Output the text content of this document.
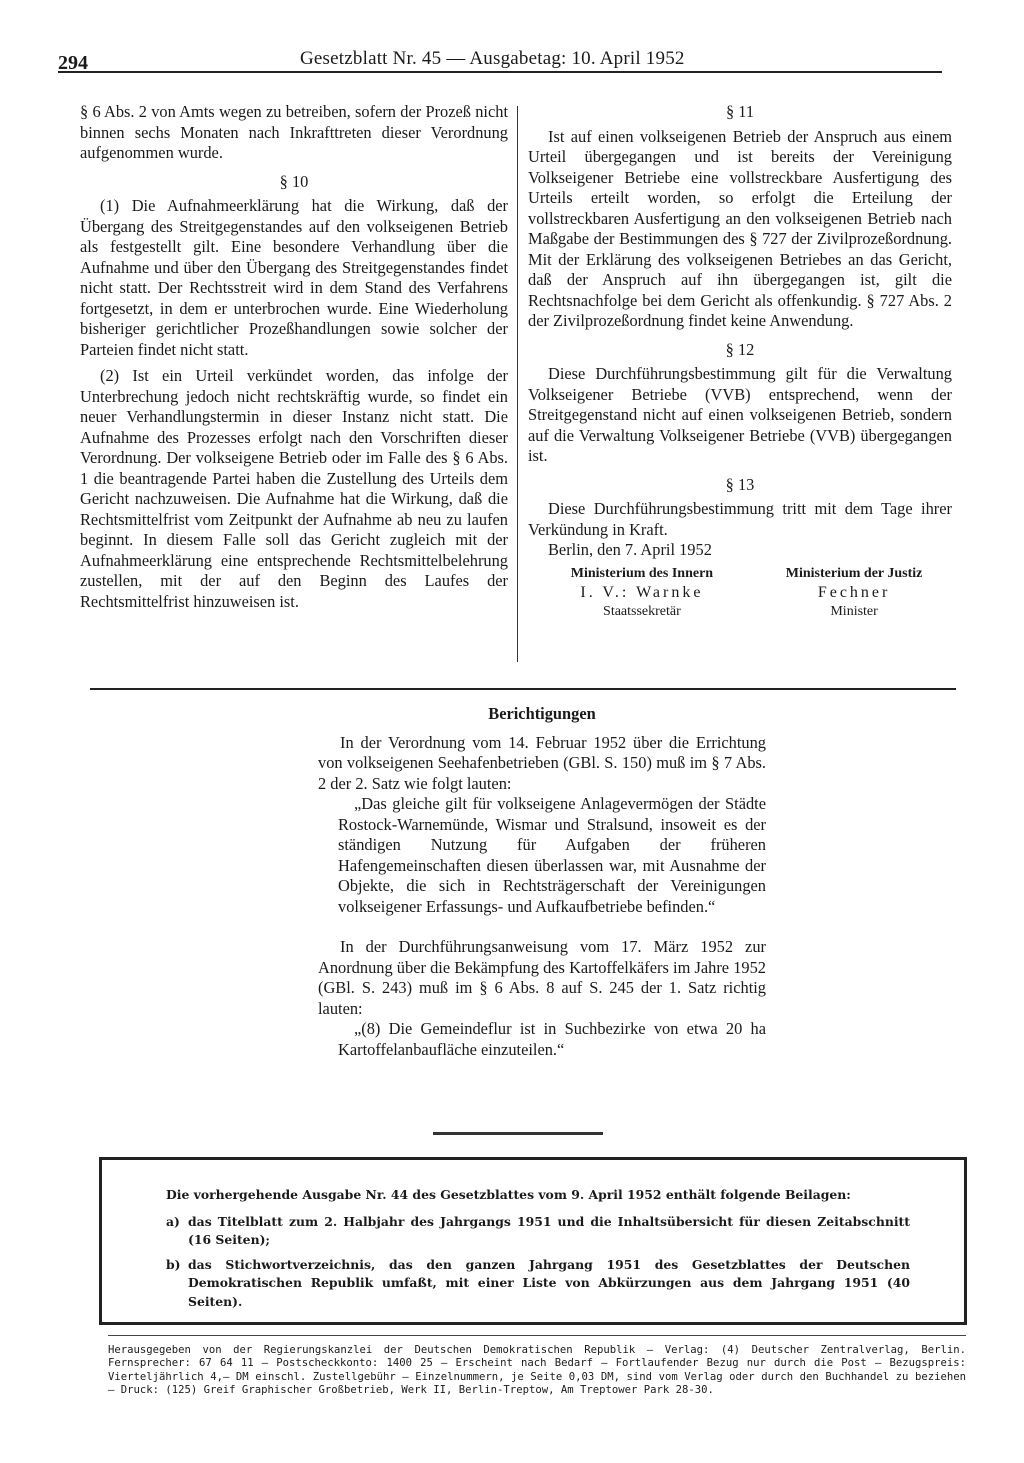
294	Gesetzblatt Nr. 45 — Ausgabetag: 10. April 1952

§ 6 Abs. 2 von Amts wegen zu betreiben, sofern der Prozeß nicht binnen sechs Monaten nach Inkrafttreten dieser Verordnung aufgenommen wurde.

§ 10

(1) Die Aufnahmeerklärung hat die Wirkung, daß der Übergang des Streitgegenstandes auf den volkseigenen Betrieb als festgestellt gilt. Eine besondere Verhandlung über die Aufnahme und über den Übergang des Streitgegenstandes findet nicht statt. Der Rechtsstreit wird in dem Stand des Verfahrens fortgesetzt, in dem er unterbrochen wurde. Eine Wiederholung bisheriger gerichtlicher Prozeßhandlungen sowie solcher der Parteien findet nicht statt.

(2) Ist ein Urteil verkündet worden, das infolge der Unterbrechung jedoch nicht rechtskräftig wurde, so findet ein neuer Verhandlungstermin in dieser Instanz nicht statt. Die Aufnahme des Prozesses erfolgt nach den Vorschriften dieser Verordnung. Der volkseigene Betrieb oder im Falle des § 6 Abs. 1 die beantragende Partei haben die Zustellung des Urteils dem Gericht nachzuweisen. Die Aufnahme hat die Wirkung, daß die Rechtsmittelfrist vom Zeitpunkt der Aufnahme ab neu zu laufen beginnt. In diesem Falle soll das Gericht zugleich mit der Aufnahmeerklärung eine entsprechende Rechtsmittelbelehrung zustellen, mit der auf den Beginn des Laufes der Rechtsmittelfrist hinzuweisen ist.

§ 11

Ist auf einen volkseigenen Betrieb der Anspruch aus einem Urteil übergegangen und ist bereits der Vereinigung Volkseigener Betriebe eine vollstreckbare Ausfertigung des Urteils erteilt worden, so erfolgt die Erteilung der vollstreckbaren Ausfertigung an den volkseigenen Betrieb nach Maßgabe der Bestimmungen des § 727 der Zivilprozeßordnung. Mit der Erklärung des volkseigenen Betriebes an das Gericht, daß der Anspruch auf ihn übergegangen ist, gilt die Rechtsnachfolge bei dem Gericht als offenkundig. § 727 Abs. 2 der Zivilprozeßordnung findet keine Anwendung.

§ 12

Diese Durchführungsbestimmung gilt für die Verwaltung Volkseigener Betriebe (VVB) entsprechend, wenn der Streitgegenstand nicht auf einen volkseigenen Betrieb, sondern auf die Verwaltung Volkseigener Betriebe (VVB) übergegangen ist.

§ 13

Diese Durchführungsbestimmung tritt mit dem Tage ihrer Verkündung in Kraft.

Berlin, den 7. April 1952

Ministerium des Innern
I. V.: Warnke
Staatssekretär
Ministerium der Justiz
Fechner
Minister
Berichtigungen

In der Verordnung vom 14. Februar 1952 über die Errichtung von volkseigenen Seehafenbetrieben (GBl. S. 150) muß im § 7 Abs. 2 der 2. Satz wie folgt lauten:

„Das gleiche gilt für volkseigene Anlagevermögen der Städte Rostock-Warnemünde, Wismar und Stralsund, insoweit es der ständigen Nutzung für Aufgaben der früheren Hafengemeinschaften diesen überlassen war, mit Ausnahme der Objekte, die sich in Rechtsträgerschaft der Vereinigungen volkseigener Erfassungs- und Aufkaufbetriebe befinden.“

In der Durchführungsanweisung vom 17. März 1952 zur Anordnung über die Bekämpfung des Kartoffelkäfers im Jahre 1952 (GBl. S. 243) muß im § 6 Abs. 8 auf S. 245 der 1. Satz richtig lauten:

„(8) Die Gemeindeflur ist in Suchbezirke von etwa 20 ha Kartoffelanbaufläche einzuteilen.“

Die vorhergehende Ausgabe Nr. 44 des Gesetzblattes vom 9. April 1952 enthält folgende Beilagen:

a) das Titelblatt zum 2. Halbjahr des Jahrgangs 1951 und die Inhaltsübersicht für diesen Zeitabschnitt (16 Seiten);
b) das Stichwortverzeichnis, das den ganzen Jahrgang 1951 des Gesetzblattes der Deutschen Demokratischen Republik umfaßt, mit einer Liste von Abkürzungen aus dem Jahrgang 1951 (40 Seiten).
Herausgegeben von der Regierungskanzlei der Deutschen Demokratischen Republik — Verlag: (4) Deutscher Zentralverlag, Berlin. Fernsprecher: 67 64 11 — Postscheckkonto: 1400 25 — Erscheint nach Bedarf — Fortlaufender Bezug nur durch die Post — Bezugspreis: Vierteljährlich 4,— DM einschl. Zustellgebühr — Einzelnummern, je Seite 0,03 DM, sind vom Verlag oder durch den Buchhandel zu beziehen — Druck: (125) Greif Graphischer Großbetrieb, Werk II, Berlin-Treptow, Am Treptower Park 28-30.
